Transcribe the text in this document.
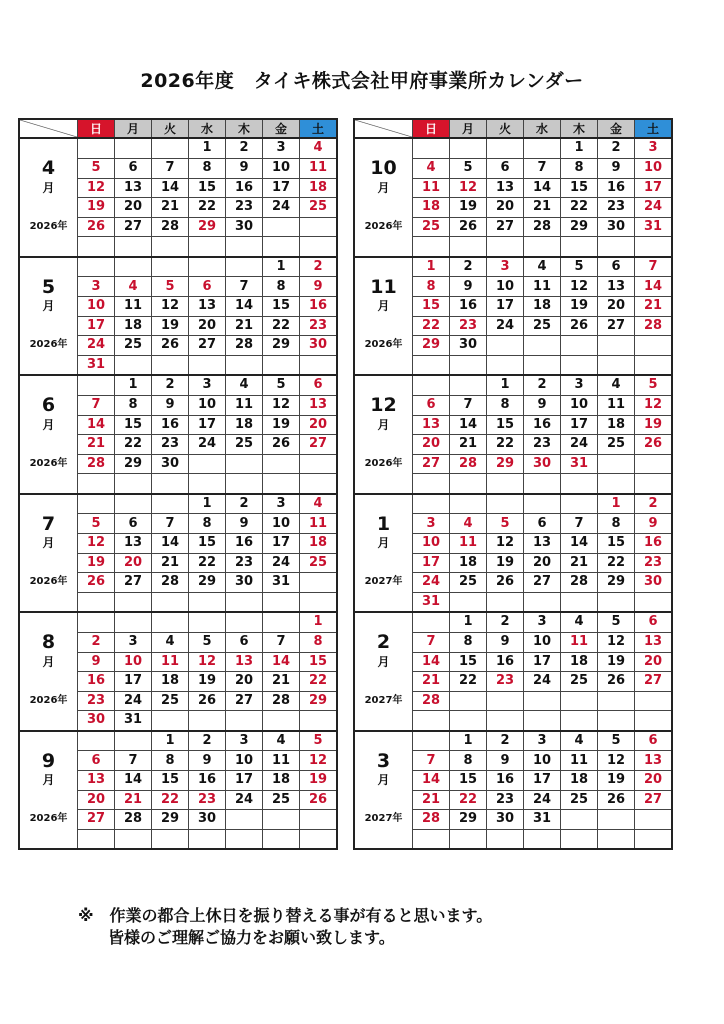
2026年度　タイキ株式会社甲府事業所カレンダー
	日	月	火	水	木	金	土
				1	2	3	4
4	5	6	7	8	9	10	11
月	12	13	14	15	16	17	18
	19	20	21	22	23	24	25
2026年	26	27	28	29	30		

						1	2
5	3	4	5	6	7	8	9
月	10	11	12	13	14	15	16
	17	18	19	20	21	22	23
2026年	24	25	26	27	28	29	30
	31						
		1	2	3	4	5	6
6	7	8	9	10	11	12	13
月	14	15	16	17	18	19	20
	21	22	23	24	25	26	27
2026年	28	29	30				

				1	2	3	4
7	5	6	7	8	9	10	11
月	12	13	14	15	16	17	18
	19	20	21	22	23	24	25
2026年	26	27	28	29	30	31	

							1
8	2	3	4	5	6	7	8
月	9	10	11	12	13	14	15
	16	17	18	19	20	21	22
2026年	23	24	25	26	27	28	29
	30	31					
			1	2	3	4	5
9	6	7	8	9	10	11	12
月	13	14	15	16	17	18	19
	20	21	22	23	24	25	26
2026年	27	28	29	30			

	日	月	火	水	木	金	土
					1	2	3
10	4	5	6	7	8	9	10
月	11	12	13	14	15	16	17
	18	19	20	21	22	23	24
2026年	25	26	27	28	29	30	31

	1	2	3	4	5	6	7
11	8	9	10	11	12	13	14
月	15	16	17	18	19	20	21
	22	23	24	25	26	27	28
2026年	29	30					

			1	2	3	4	5
12	6	7	8	9	10	11	12
月	13	14	15	16	17	18	19
	20	21	22	23	24	25	26
2026年	27	28	29	30	31		

						1	2
1	3	4	5	6	7	8	9
月	10	11	12	13	14	15	16
	17	18	19	20	21	22	23
2027年	24	25	26	27	28	29	30
	31						
		1	2	3	4	5	6
2	7	8	9	10	11	12	13
月	14	15	16	17	18	19	20
	21	22	23	24	25	26	27
2027年	28						

		1	2	3	4	5	6
3	7	8	9	10	11	12	13
月	14	15	16	17	18	19	20
	21	22	23	24	25	26	27
2027年	28	29	30	31			

※　作業の都合上休日を振り替える事が有ると思います。
皆様のご理解ご協力をお願い致します。
